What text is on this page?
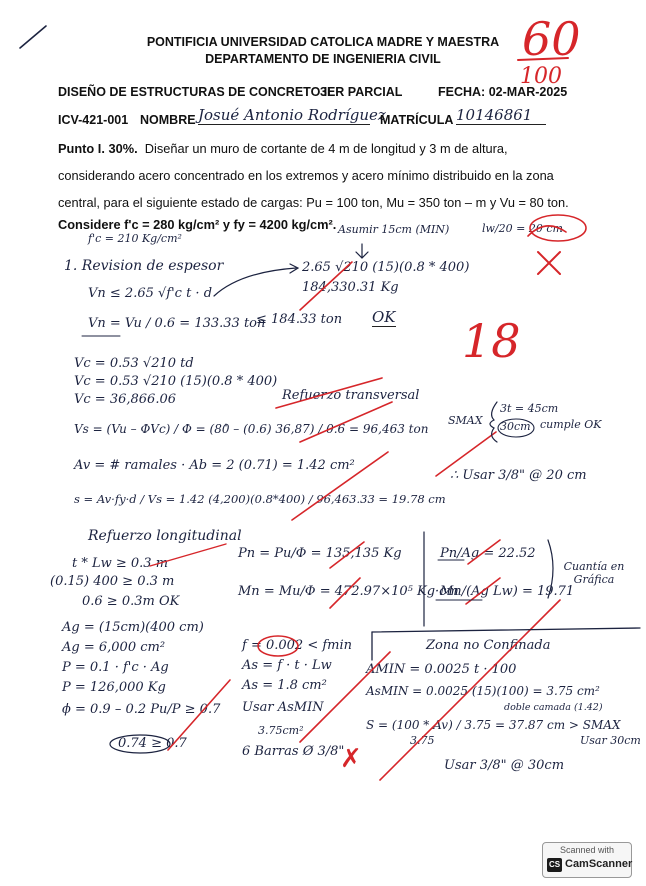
PONTIFICIA UNIVERSIDAD CATOLICA MADRE Y MAESTRA
DEPARTAMENTO DE INGENIERIA CIVIL	60
100
DISEÑO DE ESTRUCTURAS DE CONCRETO II
3ER PARCIAL	FECHA: 02-MAR-2025
ICV-421-001 NOMBRE Josué Antonio Rodríguez
MATRÍCULA 10146861
Punto I. 30%. Diseñar un muro de cortante de 4 m de longitud y 3 m de altura,
considerando acero concentrado en los extremos y acero mínimo distribuido en la zona
central, para el siguiente estado de cargas: Pu = 100 ton, Mu = 350 ton – m y Vu = 80 ton.
Considere f'c = 280 kg/cm² y fy = 4200 kg/cm².
f'c = 210 Kg/cm²
Asumir 15cm (MIN)	lw/20 = 20 cm
1. Revision de espesor	2.65 √210 (15)(0.8 * 400)
184,330.31 Kg
Vn ≤ 2.65 √f'c t · d
Vn = Vu / 0.6 = 133.33 ton
≤ 184.33 ton OK 18
Vc = 0.53 √210 td
Vc = 0.53 √210 (15)(0.8 * 400)
Vc = 36,866.06	Refuerzo transversal
Vs = (Vu – ΦVc) / Φ = (80 – (0.6) 36,87) / 0.6 = 96,463 ton
SMAX
3t = 45cm
30cm cumple OK
∴ Usar 3/8" @ 20 cm
Av = # ramales · Ab = 2 (0.71) = 1.42 cm²
s = Av·fy·d / Vs = 1.42 (4,200)(0.8*400) / 96,463.33 = 19.78 cm
Refuerzo longitudinal
t * Lw ≥ 0.3 m
(0.15) 400 ≥ 0.3 m
0.6 ≥ 0.3m OK
Ag = (15cm)(400 cm)
Ag = 6,000 cm²
P = 0.1 · f'c · Ag
P = 126,000 Kg
ϕ = 0.9 – 0.2 Pu/P ≥ 0.7
0.74 ≥ 0.7
Pn = Pu/Φ = 135,135 Kg
Mn = Mu/Φ = 472.97×10⁵ Kg·cm
Pn/Ag = 22.52
Mn/(Ag Lw) = 19.71
Cuantía en Gráfica
f = 0.002 < fmin
As = f · t · Lw
As = 1.8 cm²
Usar AsMIN
3.75cm²
6 Barras Ø 3/8"
✗
Zona no Confinada
AMIN = 0.0025 t · 100
AsMIN = 0.0025 (15)(100) = 3.75 cm²
doble camada (1.42)
S = (100 * Av) / 3.75 = 37.87 cm > SMAX
3.75	Usar 30cm
Usar 3/8" @ 30cm
Scanned with
CS CamScanner
